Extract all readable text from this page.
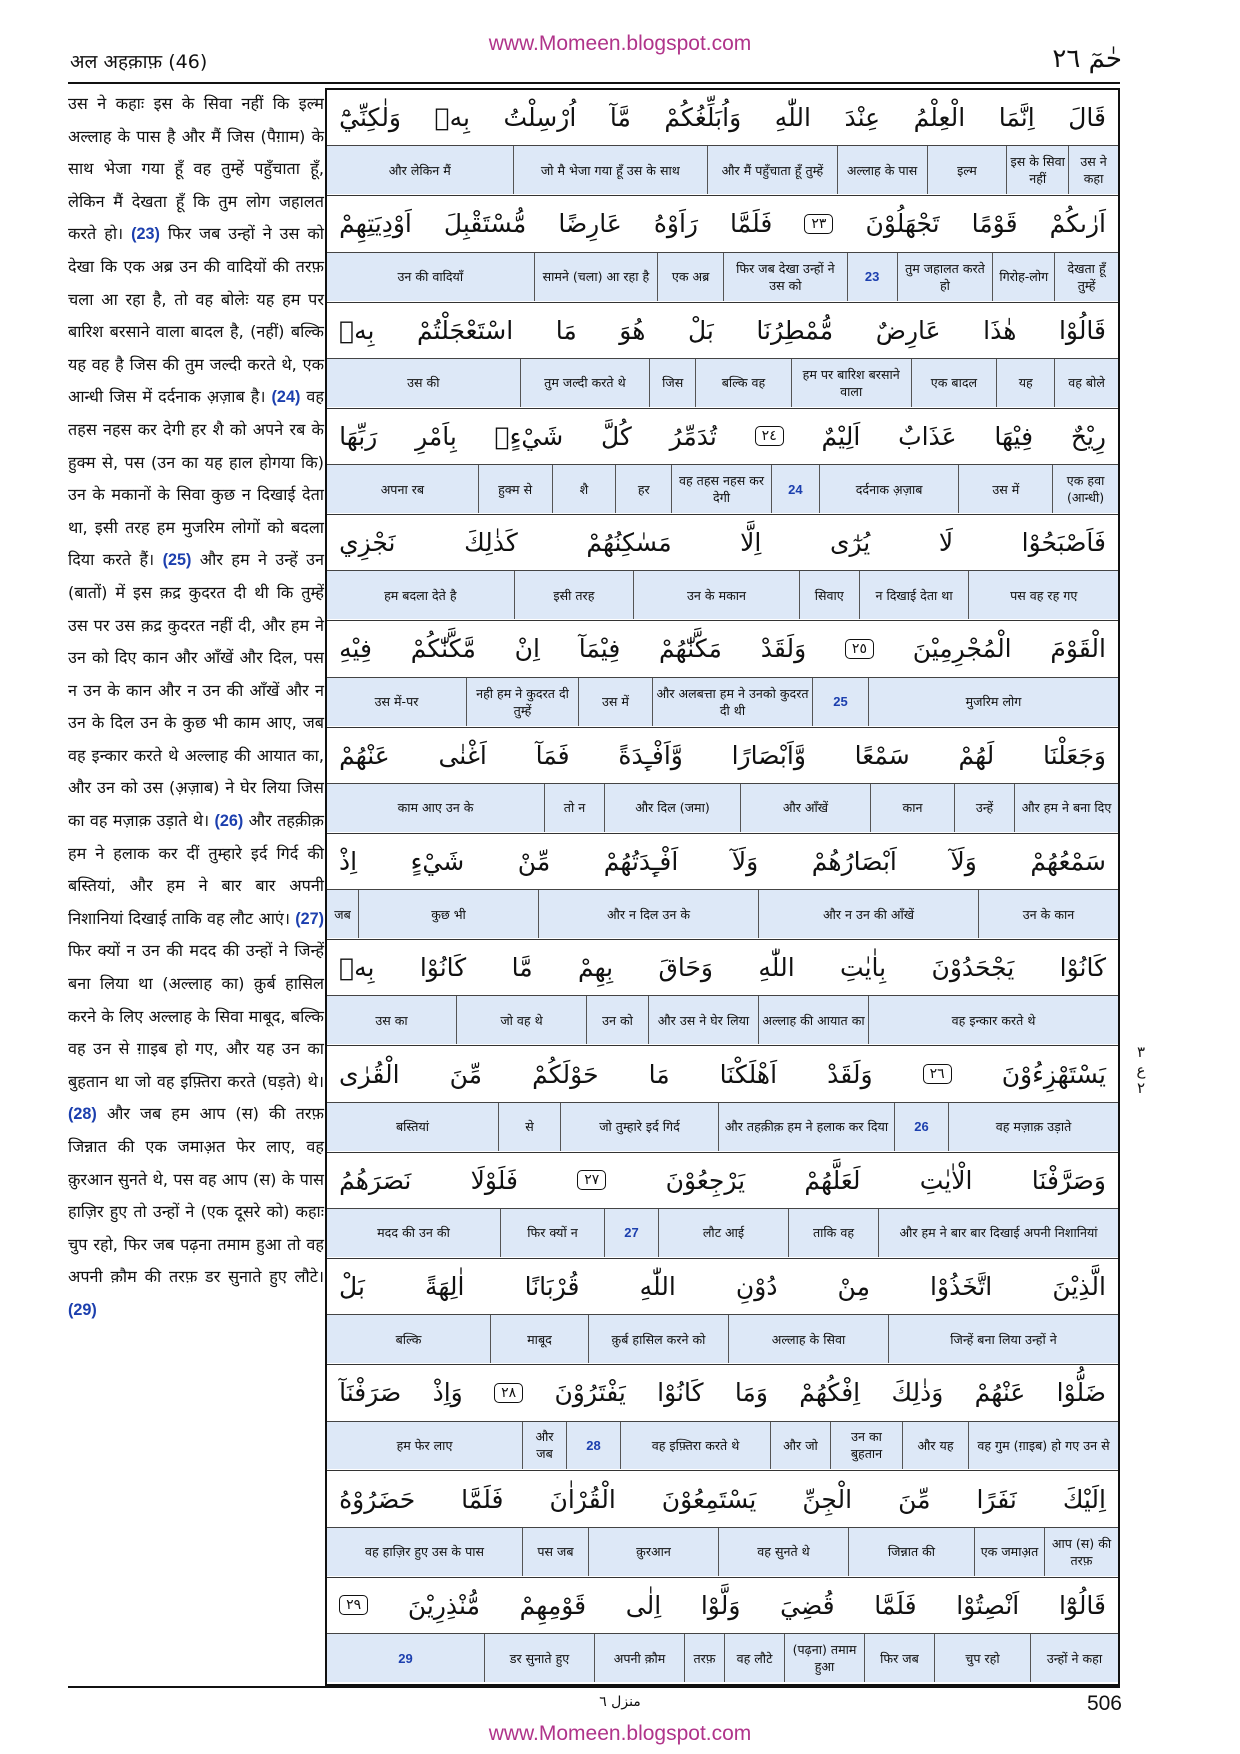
www.Momeen.blogspot.com
अल अहक़ाफ़ (46)	حٰمٓ ٢٦

उस ने कहाः इस के सिवा नहीं कि इल्म अल्लाह के पास है और मैं जिस (पैग़ाम) के साथ भेजा गया हूँ वह तुम्हें पहुँचाता हूँ, लेकिन मैं देखता हूँ कि तुम लोग जहालत करते हो। (23) फिर जब उन्हों ने उस को देखा कि एक अब्र उन की वादियों की तरफ़ चला आ रहा है, तो वह बोलेः यह हम पर बारिश बरसाने वाला बादल है, (नहीं) बल्कि यह वह है जिस की तुम जल्दी करते थे, एक आन्धी जिस में दर्दनाक अ़ज़ाब है। (24) वह तहस नहस कर देगी हर शै को अपने रब के हुक्म से, पस (उन का यह हाल होगया कि) उन के मकानों के सिवा कुछ न दिखाई देता था, इसी तरह हम मुजरिम लोगों को बदला दिया करते हैं। (25) और हम ने उन्हें उन (बातों) में इस क़द्र कुदरत दी थी कि तुम्हें उस पर उस क़द्र कुदरत नहीं दी, और हम ने उन को दिए कान और आँखें और दिल, पस न उन के कान और न उन की आँखें और न उन के दिल उन के कुछ भी काम आए, जब वह इन्कार करते थे अल्लाह की आयात का, और उन को उस (अ़ज़ाब) ने घेर लिया जिस का वह मज़ाक़ उड़ाते थे। (26) और तहक़ीक़ हम ने हलाक कर दीं तुम्हारे इर्द गिर्द की बस्तियां, और हम ने बार बार अपनी निशानियां दिखाई ताकि वह लौट आएं। (27) फिर क्यों न उन की मदद की उन्हों ने जिन्हें बना लिया था (अल्लाह का) क़ुर्ब हासिल करने के लिए अल्लाह के सिवा माबूद, बल्कि वह उन से ग़ाइब हो गए, और यह उन का बुहतान था जो वह इफ़्तिरा करते (घड़ते) थे। (28) और जब हम आप (स) की तरफ़ जिन्नात की एक जमाअ़त फेर लाए, वह क़ुरआन सुनते थे, पस वह आप (स) के पास हाज़िर हुए तो उन्हों ने (एक दूसरे को) कहाः चुप रहो, फिर जब पढ़ना तमाम हुआ तो वह अपनी क़ौम की तरफ़ डर सुनाते हुए लौटे। (29)

قَالَ
اِنَّمَا
الْعِلْمُ
عِنْدَ
اللّٰهِ
وَاُبَلِّغُكُمْ
مَّآ
اُرْسِلْتُ
بِهٖ
وَلٰكِنِّيْٓ
उस ने कहा
इस के सिवा नहीं
इल्म
अल्लाह के पास
और मैं पहुँचाता हूँ तुम्हें
जो मै भेजा गया हूँ उस के साथ
और लेकिन मैं
اَرٰىكُمْ
قَوْمًا
تَجْهَلُوْنَ
٢٣
فَلَمَّا
رَاَوْهُ
عَارِضًا
مُّسْتَقْبِلَ
اَوْدِيَتِهِمْ
देखता हूँ तुम्हें
गिरोह-लोग
तुम जहालत करते हो
23
फिर जब देखा उन्हों ने उस को
एक अब्र
सामने (चला) आ रहा है
उन की वादियाँ
قَالُوْا
هٰذَا
عَارِضٌ
مُّمْطِرُنَا
بَلْ
هُوَ
مَا
اسْتَعْجَلْتُمْ
بِهٖ
वह बोले
यह
एक बादल
हम पर बारिश बरसाने वाला
बल्कि वह
जिस
तुम जल्दी करते थे
उस की
رِيْحٌ
فِيْهَا
عَذَابٌ
اَلِيْمٌ
٢٤
تُدَمِّرُ
كُلَّ
شَيْءٍۭ
بِاَمْرِ
رَبِّهَا
एक हवा (आन्धी)
उस में
दर्दनाक अ़ज़ाब
24
वह तहस नहस कर देगी
हर
शै
हुक्म से
अपना रब
فَاَصْبَحُوْا
لَا
يُرٰٓى
اِلَّا
مَسٰكِنُهُمْ
كَذٰلِكَ
نَجْزِي
पस वह रह गए
न दिखाई देता था
सिवाए
उन के मकान
इसी तरह
हम बदला देते है
الْقَوْمَ
الْمُجْرِمِيْنَ
٢٥
وَلَقَدْ
مَكَّنّٰهُمْ
فِيْمَآ
اِنْ
مَّكَّنّٰكُمْ
فِيْهِ
मुजरिम लोग
25
और अलबत्ता हम ने उनको कुदरत दी थी
उस में
नही हम ने कुदरत दी तुम्हें
उस में-पर
وَجَعَلْنَا
لَهُمْ
سَمْعًا
وَّاَبْصَارًا
وَّاَفْـِٕدَةً
فَمَآ
اَغْنٰى
عَنْهُمْ
और हम ने बना दिए
उन्हें
कान
और आँखें
और दिल (जमा)
तो न
काम आए उन के
سَمْعُهُمْ
وَلَآ
اَبْصَارُهُمْ
وَلَآ
اَفْـِٕدَتُهُمْ
مِّنْ
شَيْءٍ
اِذْ
उन के कान
और न उन की आँखें
और न दिल उन के
कुछ भी
जब
كَانُوْا
يَجْحَدُوْنَ
بِاٰيٰتِ
اللّٰهِ
وَحَاقَ
بِهِمْ
مَّا
كَانُوْا
بِهٖ
वह इन्कार करते थे
अल्लाह की आयात का
और उस ने घेर लिया
उन को
जो वह थे
उस का
يَسْتَهْزِءُوْنَ
٢٦
وَلَقَدْ
اَهْلَكْنَا
مَا
حَوْلَكُمْ
مِّنَ
الْقُرٰى
वह मज़ाक़ उड़ाते
26
और तहक़ीक़ हम ने हलाक कर दिया
जो तुम्हारे इर्द गिर्द
से
बस्तियां
وَصَرَّفْنَا
الْاٰيٰتِ
لَعَلَّهُمْ
يَرْجِعُوْنَ
٢٧
فَلَوْلَا
نَصَرَهُمُ
और हम ने बार बार दिखाई अपनी निशानियां
ताकि वह
लौट आई
27
फिर क्यों न
मदद की उन की
الَّذِيْنَ
اتَّخَذُوْا
مِنْ
دُوْنِ
اللّٰهِ
قُرْبَانًا
اٰلِهَةً
بَلْ
जिन्हें बना लिया उन्हों ने
अल्लाह के सिवा
क़ुर्ब हासिल करने को
माबूद
बल्कि
ضَلُّوْا
عَنْهُمْ
وَذٰلِكَ
اِفْكُهُمْ
وَمَا
كَانُوْا
يَفْتَرُوْنَ
٢٨
وَاِذْ
صَرَفْنَآ
वह गुम (ग़ाइब) हो गए उन से
और यह
उन का बुहतान
और जो
वह इफ़्तिरा करते थे
28
और जब
हम फेर लाए
اِلَيْكَ
نَفَرًا
مِّنَ
الْجِنِّ
يَسْتَمِعُوْنَ
الْقُرْاٰنَ
فَلَمَّا
حَضَرُوْهُ
आप (स) की तरफ़
एक जमाअ़त
जिन्नात की
वह सुनते थे
क़ुरआन
पस जब
वह हाज़िर हुए उस के पास
قَالُوْٓا
اَنْصِتُوْا
فَلَمَّا
قُضِيَ
وَلَّوْا
اِلٰى
قَوْمِهِمْ
مُّنْذِرِيْنَ
٢٩
उन्हों ने कहा
चुप रहो
फिर जब
(पढ़ना) तमाम हुआ
वह लौटे
तरफ़
अपनी क़ौम
डर सुनाते हुए
29
٣
ع
٢
منزل ٦	506
www.Momeen.blogspot.com
